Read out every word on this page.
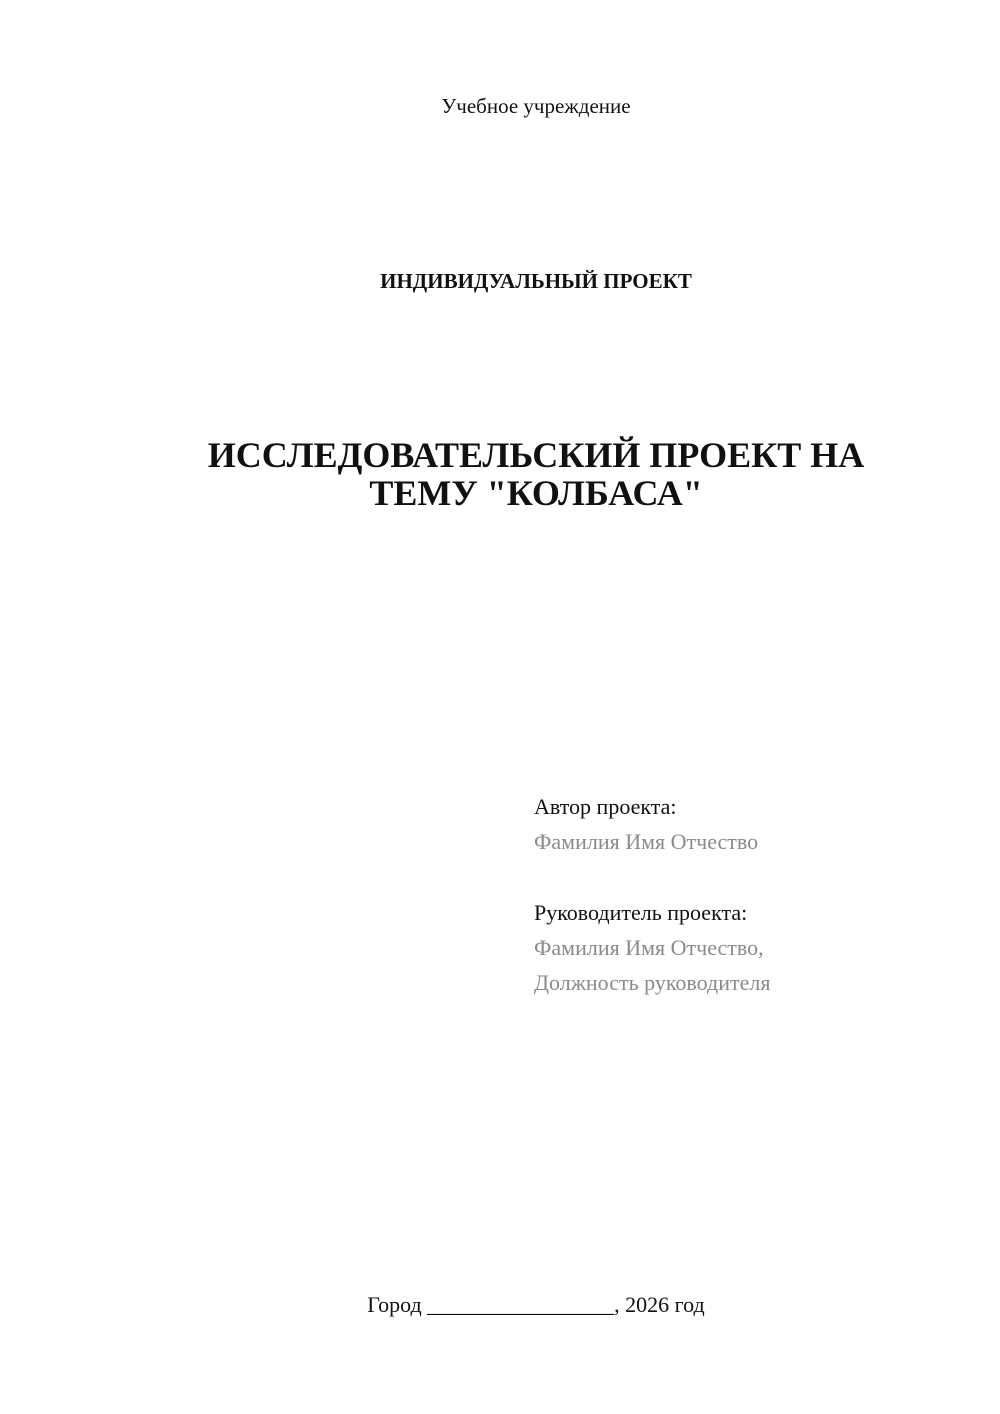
Учебное учреждение
ИНДИВИДУАЛЬНЫЙ ПРОЕКТ
ИССЛЕДОВАТЕЛЬСКИЙ ПРОЕКТ НА
ТЕМУ "КОЛБАСА"
Автор проекта:
Фамилия Имя Отчество
Руководитель проекта:
Фамилия Имя Отчество,
Должность руководителя
Город _________________, 2026 год
